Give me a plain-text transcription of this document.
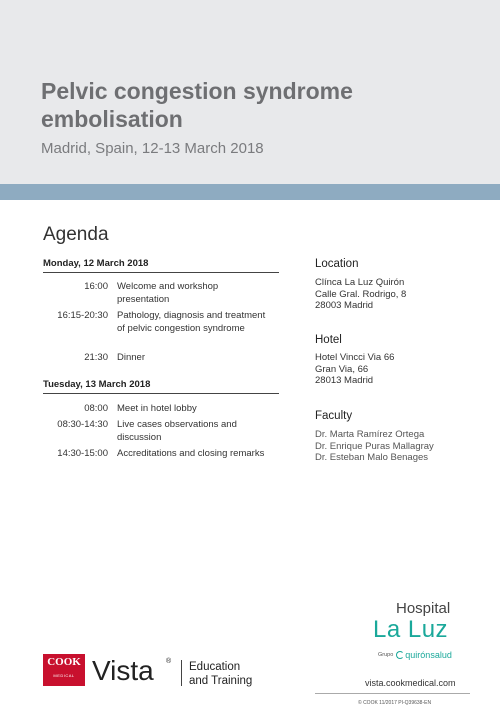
Pelvic congestion syndrome embolisation
Madrid, Spain, 12-13 March 2018
Agenda
Monday, 12 March 2018
16:00 Welcome and workshop presentation
16:15-20:30 Pathology, diagnosis and treatment of pelvic congestion syndrome
21:30 Dinner
Tuesday, 13 March 2018
08:00 Meet in hotel lobby
08:30-14:30 Live cases observations and discussion
14:30-15:00 Accreditations and closing remarks
Location
Clínca La Luz Quirón
Calle Gral. Rodrigo, 8
28003 Madrid
Hotel
Hotel Vincci Via 66
Gran Via, 66
28013 Madrid
Faculty
Dr. Marta Ramírez Ortega
Dr. Enrique Puras Mallagray
Dr. Esteban Malo Benages
Hospital
La Luz
Grupo quirónsalud
COOK
MEDICAL Vista ® Education
and Training	vista.cookmedical.com
© COOK 11/2017 PI-Q39638-EN
